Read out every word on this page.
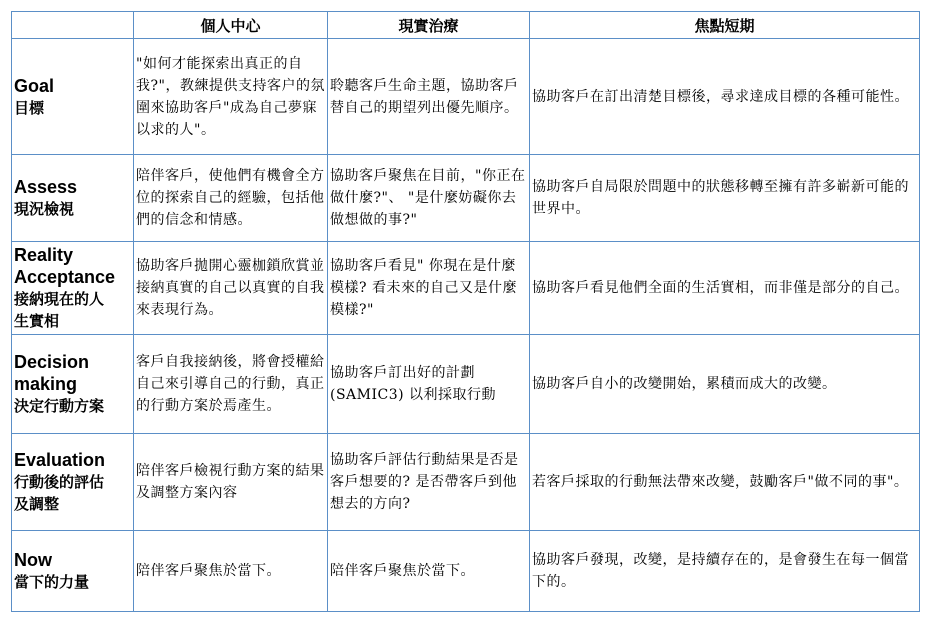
	個人中心	現實治療	焦點短期

Goal
目標	"如何才能探索出真正的自我?"，教練提供支持客户的氛圍來協助客戶"成為自己夢寐以求的人"。	聆聽客戶生命主題，協助客戶替自己的期望列出優先順序。	協助客戶在訂出清楚目標後，尋求達成目標的各種可能性。

Assess
現況檢視	陪伴客戶，使他們有機會全方位的探索自己的經驗，包括他們的信念和情感。	協助客戶聚焦在目前，"你正在做什麼?"、 "是什麼妨礙你去做想做的事?"	協助客戶自局限於問題中的狀態移轉至擁有許多嶄新可能的世界中。

Reality
Acceptance
接納現在的人
生實相	協助客戶拋開心靈枷鎖欣賞並接納真實的自己以真實的自我來表現行為。	協助客戶看見" 你現在是什麼模樣? 看未來的自己又是什麼模樣?"	協助客戶看見他們全面的生活實相，而非僅是部分的自己。

Decision
making
決定行動方案	客戶自我接納後，將會授權給自己來引導自己的行動，真正的行動方案於焉產生。	協助客戶訂出好的計劃(SAMIC3) 以利採取行動	協助客戶自小的改變開始，累積而成大的改變。

Evaluation
行動後的評估
及調整	陪伴客戶檢視行動方案的結果及調整方案內容	協助客戶評估行動結果是否是客戶想要的? 是否帶客戶到他想去的方向?	若客戶採取的行動無法帶來改變，鼓勵客戶"做不同的事"。

Now
當下的力量	陪伴客戶聚焦於當下。	陪伴客戶聚焦於當下。	協助客戶發現，改變，是持續存在的，是會發生在每一個當下的。
